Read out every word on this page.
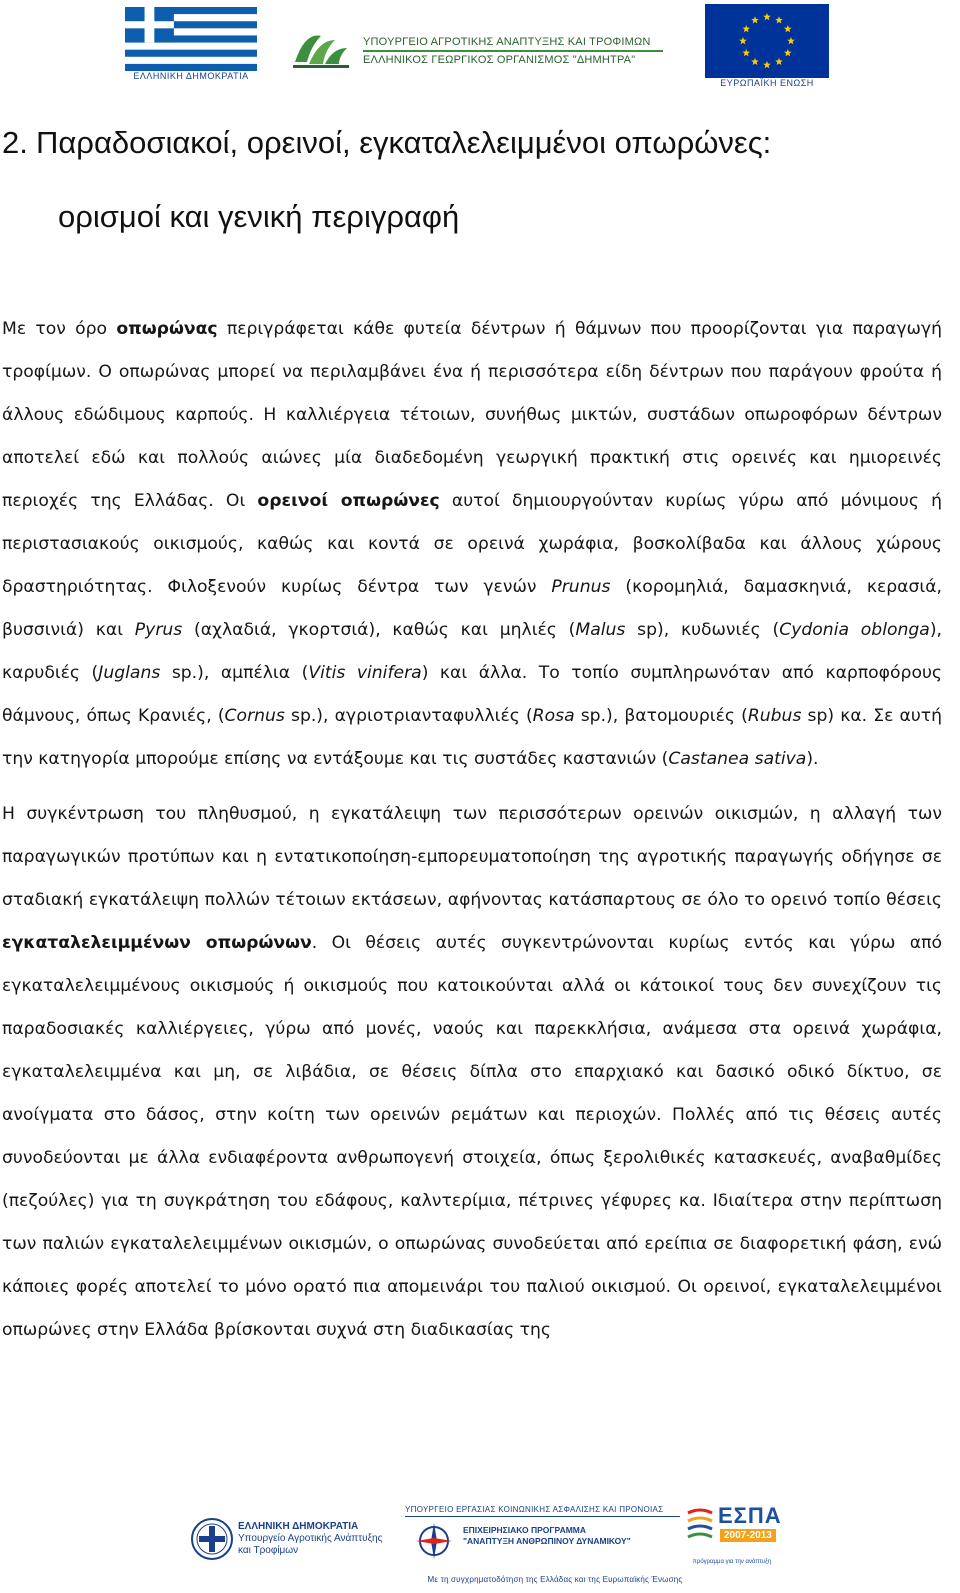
ΕΛΛΗΝΙΚΗ ΔΗΜΟΚΡΑΤΙΑ
ΥΠΟΥΡΓΕΙΟ ΑΓΡΟΤΙΚΗΣ ΑΝΑΠΤΥΞΗΣ ΚΑΙ ΤΡΟΦΙΜΩΝ
ΕΛΛΗΝΙΚΟΣ ΓΕΩΡΓΙΚΟΣ ΟΡΓΑΝΙΣΜΟΣ "ΔΗΜΗΤΡΑ"
ΕΥΡΩΠΑΪΚΗ ΕΝΩΣΗ
2. Παραδοσιακοί, ορεινοί, εγκαταλελειμμένοι οπωρώνες:
ορισμοί και γενική περιγραφή

Με τον όρο οπωρώνας περιγράφεται κάθε φυτεία δέντρων ή θάμνων που προορίζονται για παραγωγή τροφίμων. Ο οπωρώνας μπορεί να περιλαμβάνει ένα ή περισσότερα είδη δέντρων που παράγουν φρούτα ή άλλους εδώδιμους καρπούς. Η καλλιέργεια τέτοιων, συνήθως μικτών, συστάδων οπωροφόρων δέντρων αποτελεί εδώ και πολλούς αιώνες μία διαδεδομένη γεωργική πρακτική στις ορεινές και ημιορεινές περιοχές της Ελλάδας. Οι ορεινοί οπωρώνες αυτοί δημιουργούνταν κυρίως γύρω από μόνιμους ή περιστασιακούς οικισμούς, καθώς και κοντά σε ορεινά χωράφια, βοσκολίβαδα και άλλους χώρους δραστηριότητας. Φιλοξενούν κυρίως δέντρα των γενών Prunus (κορομηλιά, δαμασκηνιά, κερασιά, βυσσινιά) και Pyrus (αχλαδιά, γκορτσιά), καθώς και μηλιές (Malus sp), κυδωνιές (Cydonia oblonga), καρυδιές (Juglans sp.), αμπέλια (Vitis vinifera) και άλλα. Το τοπίο συμπληρωνόταν από καρποφόρους θάμνους, όπως Κρανιές, (Cornus sp.), αγριοτριανταφυλλιές (Rosa sp.), βατομουριές (Rubus sp) κα. Σε αυτή την κατηγορία μπορούμε επίσης να εντάξουμε και τις συστάδες καστανιών (Castanea sativa).

Η συγκέντρωση του πληθυσμού, η εγκατάλειψη των περισσότερων ορεινών οικισμών, η αλλαγή των παραγωγικών προτύπων και η εντατικοποίηση-εμπορευματοποίηση της αγροτικής παραγωγής οδήγησε σε σταδιακή εγκατάλειψη πολλών τέτοιων εκτάσεων, αφήνοντας κατάσπαρτους σε όλο το ορεινό τοπίο θέσεις εγκαταλελειμμένων οπωρώνων. Οι θέσεις αυτές συγκεντρώνονται κυρίως εντός και γύρω από εγκαταλελειμμένους οικισμούς ή οικισμούς που κατοικούνται αλλά οι κάτοικοί τους δεν συνεχίζουν τις παραδοσιακές καλλιέργειες, γύρω από μονές, ναούς και παρεκκλήσια, ανάμεσα στα ορεινά χωράφια, εγκαταλελειμμένα και μη, σε λιβάδια, σε θέσεις δίπλα στο επαρχιακό και δασικό οδικό δίκτυο, σε ανοίγματα στο δάσος, στην κοίτη των ορεινών ρεμάτων και περιοχών. Πολλές από τις θέσεις αυτές συνοδεύονται με άλλα ενδιαφέροντα ανθρωπογενή στοιχεία, όπως ξερολιθικές κατασκευές, αναβαθμίδες (πεζούλες) για τη συγκράτηση του εδάφους, καλντερίμια, πέτρινες γέφυρες κα. Ιδιαίτερα στην περίπτωση των παλιών εγκαταλελειμμένων οικισμών, ο οπωρώνας συνοδεύεται από ερείπια σε διαφορετική φάση, ενώ κάποιες φορές αποτελεί το μόνο ορατό πια απομεινάρι του παλιού οικισμού. Οι ορεινοί, εγκαταλελειμμένοι οπωρώνες στην Ελλάδα βρίσκονται συχνά στη διαδικασίας της

ΕΛΛΗΝΙΚΗ ΔΗΜΟΚΡΑΤΙΑ
Υπουργείο Αγροτικής Ανάπτυξης
και Τροφίμων
ΥΠΟΥΡΓΕΙΟ ΕΡΓΑΣΙΑΣ ΚΟΙΝΩΝΙΚΗΣ ΑΣΦΑΛΙΣΗΣ ΚΑΙ ΠΡΟΝΟΙΑΣ
ΕΠΙΧΕΙΡΗΣΙΑΚΟ ΠΡΟΓΡΑΜΜΑ
"ΑΝΑΠΤΥΞΗ ΑΝΘΡΩΠΙΝΟΥ ΔΥΝΑΜΙΚΟΥ"
ΕΣΠΑ
2007-2013
πρόγραμμα για την ανάπτυξη
Με τη συγχρηματοδότηση της Ελλάδας και της Ευρωπαϊκής Ένωσης
